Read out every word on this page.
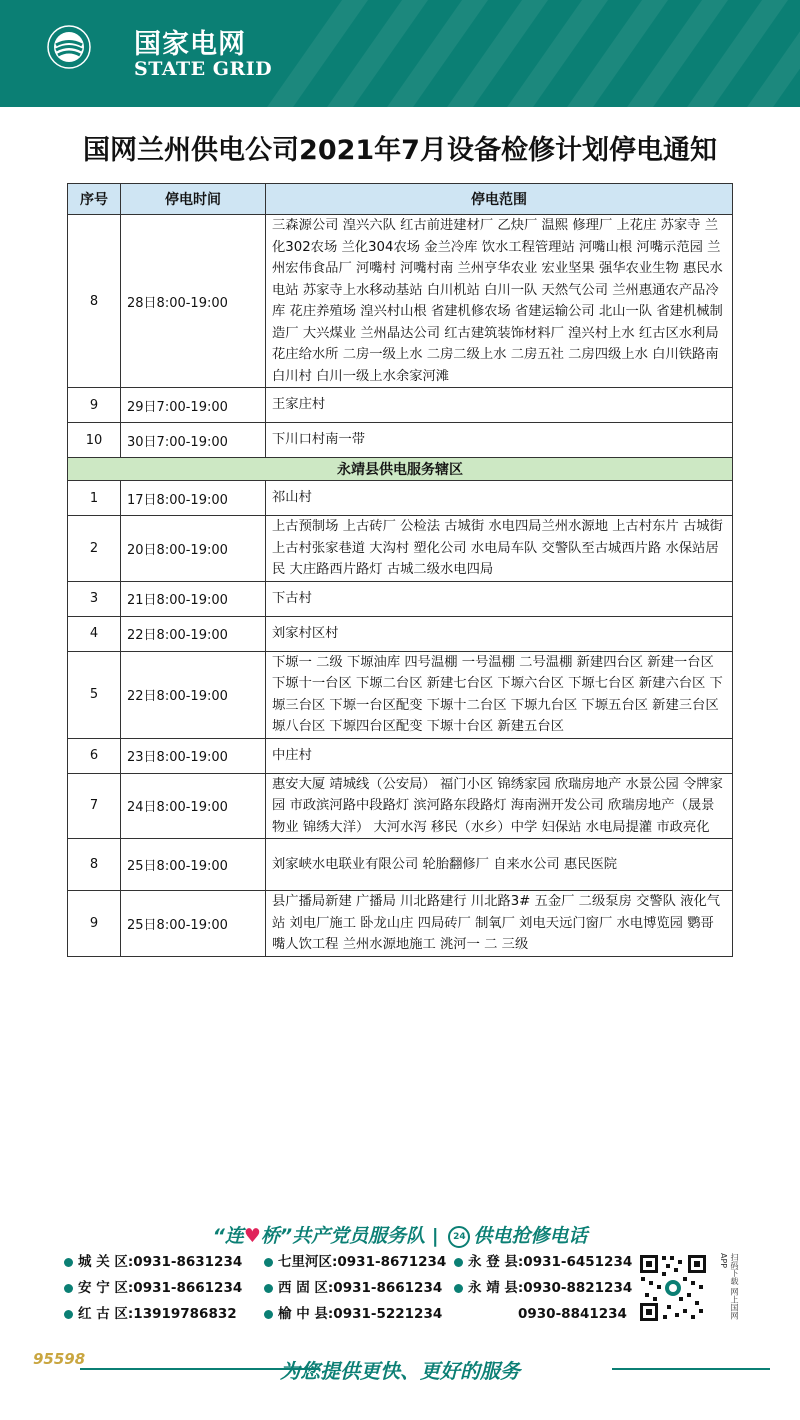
国家电网
STATE GRID
国网兰州供电公司2021年7月设备检修计划停电通知
序号	停电时间	停电范围
8	28日8:00-19:00	三森源公司 湟兴六队 红古前进建材厂 乙炔厂 温熙 修理厂 上花庄 苏家寺 兰化302农场 兰化304农场 金兰冷库 饮水工程管理站 河嘴山根 河嘴示范园 兰州宏伟食品厂 河嘴村 河嘴村南 兰州亨华农业 宏业坚果 强华农业生物 惠民水电站 苏家寺上水移动基站 白川机站 白川一队 天然气公司 兰州惠通农产品冷库 花庄养殖场 湟兴村山根 省建机修农场 省建运输公司 北山一队 省建机械制造厂 大兴煤业 兰州晶达公司 红古建筑装饰材料厂 湟兴村上水 红古区水利局 花庄给水所 二房一级上水 二房二级上水 二房五社 二房四级上水 白川铁路南 白川村 白川一级上水余家河滩
9	29日7:00-19:00	王家庄村
10	30日7:00-19:00	下川口村南一带
永靖县供电服务辖区		
1	17日8:00-19:00	祁山村
2	20日8:00-19:00	上古预制场 上古砖厂 公检法 古城街 水电四局兰州水源地 上古村东片 古城街 上古村张家巷道 大沟村 塑化公司 水电局车队 交警队至古城西片路 水保站居民 大庄路西片路灯 古城二级水电四局
3	21日8:00-19:00	下古村
4	22日8:00-19:00	刘家村区村
5	22日8:00-19:00	下塬一 二级 下塬油库 四号温棚 一号温棚 二号温棚 新建四台区 新建一台区 下塬十一台区 下塬二台区 新建七台区 下塬六台区 下塬七台区 新建六台区 下塬三台区 下塬一台区配变 下塬十二台区 下塬九台区 下塬五台区 新建三台区 塬八台区 下塬四台区配变 下塬十台区 新建五台区
6	23日8:00-19:00	中庄村
7	24日8:00-19:00	惠安大厦 靖城线（公安局） 福门小区 锦绣家园 欣瑞房地产 水景公园 令牌家园 市政滨河路中段路灯 滨河路东段路灯 海南洲开发公司 欣瑞房地产（晟景物业 锦绣大洋） 大河水泻 移民（水乡）中学 妇保站 水电局提灌 市政亮化
8	25日8:00-19:00	刘家峡水电联业有限公司 轮胎翻修厂 自来水公司 惠民医院
9	25日8:00-19:00	县广播局新建 广播局 川北路建行 川北路3# 五金厂 二级泵房 交警队 液化气站 刘电厂施工 卧龙山庄 四局砖厂 制氧厂 刘电天远门窗厂 水电博览园 鹦哥嘴人饮工程 兰州水源地施工 洮河一 二 三级
“连♥桥”共产党员服务队 | 24 供电抢修电话
城 关 区:0931-8631234	七里河区:0931-8671234	永 登 县:0931-6451234
安 宁 区:0931-8661234	西 固 区:0931-8661234	永 靖 县:0930-8821234
红 古 区:13919786832	榆 中 县:0931-5221234	0930-8841234	扫码下载 网上国网APP
95598	为您提供更快、更好的服务
